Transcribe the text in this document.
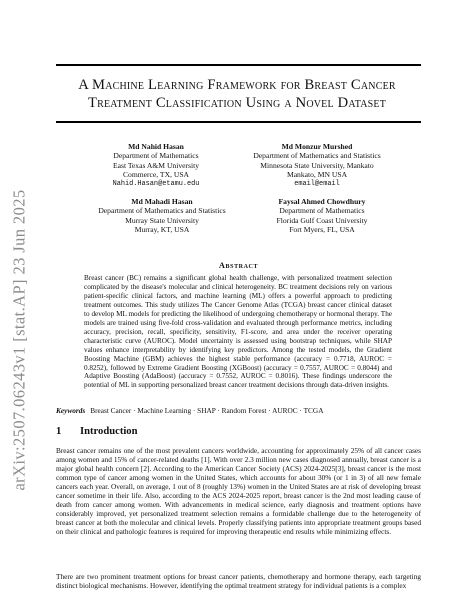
arXiv:2507.06243v1 [stat.AP] 23 Jun 2025
A Machine Learning Framework for Breast Cancer
Treatment Classification Using a Novel Dataset
Md Nahid Hasan
Department of Mathematics
East Texas A&M University
Commerce, TX, USA
Nahid.Hasan@etamu.edu
Md Monzur Murshed
Department of Mathematics and Statistics
Minnesota State University, Mankato
Mankato, MN USA
email@email
Md Mahadi Hasan
Department of Mathematics and Statistics
Murray State University
Murray, KT, USA
Faysal Ahmed Chowdhury
Department of Mathematics
Florida Gulf Coast University
Fort Myers, FL, USA
Abstract
Breast cancer (BC) remains a significant global health challenge, with personalized treatment selection complicated by the disease's molecular and clinical heterogeneity. BC treatment decisions rely on various patient-specific clinical factors, and machine learning (ML) offers a powerful approach to predicting treatment outcomes. This study utilizes The Cancer Genome Atlas (TCGA) breast cancer clinical dataset to develop ML models for predicting the likelihood of undergoing chemotherapy or hormonal therapy. The models are trained using five-fold cross-validation and evaluated through performance metrics, including accuracy, precision, recall, specificity, sensitivity, F1-score, and area under the receiver operating characteristic curve (AUROC). Model uncertainty is assessed using bootstrap techniques, while SHAP values enhance interpretability by identifying key predictors. Among the tested models, the Gradient Boosting Machine (GBM) achieves the highest stable performance (accuracy = 0.7718, AUROC = 0.8252), followed by Extreme Gradient Boosting (XGBoost) (accuracy = 0.7557, AUROC = 0.8044) and Adaptive Boosting (AdaBoost) (accuracy = 0.7552, AUROC = 0.8016). These findings underscore the potential of ML in supporting personalized breast cancer treatment decisions through data-driven insights.
Keywords Breast Cancer · Machine Learning · SHAP · Random Forest · AUROC · TCGA
1 Introduction
Breast cancer remains one of the most prevalent cancers worldwide, accounting for approximately 25% of all cancer cases among women and 15% of cancer-related deaths [1]. With over 2.3 million new cases diagnosed annually, breast cancer is a major global health concern [2]. According to the American Cancer Society (ACS) 2024-2025[3], breast cancer is the most common type of cancer among women in the United States, which accounts for about 30% (or 1 in 3) of all new female cancers each year. Overall, on average, 1 out of 8 (roughly 13%) women in the United States are at risk of developing breast cancer sometime in their life. Also, according to the ACS 2024-2025 report, breast cancer is the 2nd most leading cause of death from cancer among women. With advancements in medical science, early diagnosis and treatment options have considerably improved, yet personalized treatment selection remains a formidable challenge due to the heterogeneity of breast cancer at both the molecular and clinical levels. Properly classifying patients into appropriate treatment groups based on their clinical and pathologic features is required for improving therapeutic end results while minimizing effects.
There are two prominent treatment options for breast cancer patients, chemotherapy and hormone therapy, each targeting distinct biological mechanisms. However, identifying the optimal treatment strategy for individual patients is a complex
